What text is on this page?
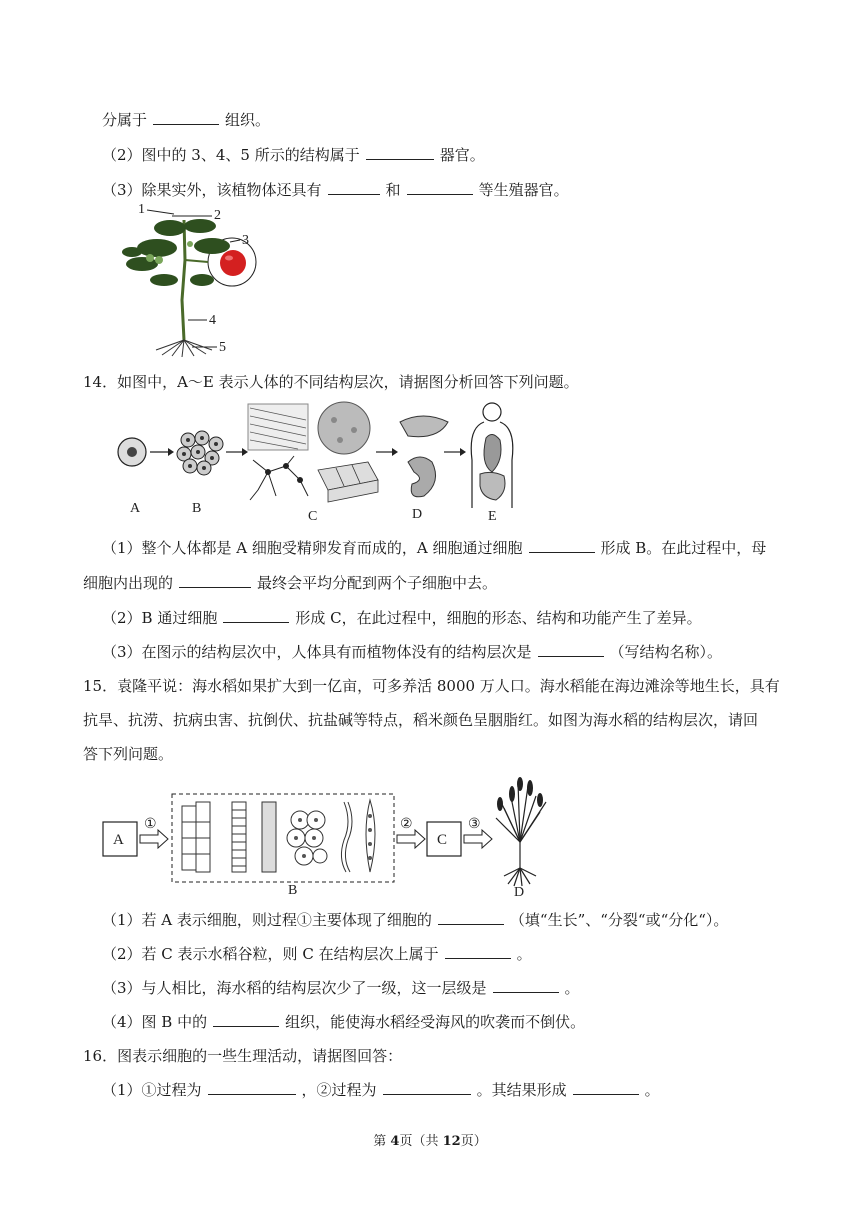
分属于	组织。
（2）图中的 3、4、5 所示的结构属于	器官。
（3）除果实外，该植物体还具有	和	等生殖器官。
1	2
3
4
5
14．如图中，A～E 表示人体的不同结构层次，请据图分析回答下列问题。
A	B
C	D	E
（1）整个人体都是 A 细胞受精卵发育而成的，A 细胞通过细胞	形成 B。在此过程中，母
细胞内出现的	最终会平均分配到两个子细胞中去。
（2）B 通过细胞	形成 C，在此过程中，细胞的形态、结构和功能产生了差异。
（3）在图示的结构层次中，人体具有而植物体没有的结构层次是	（写结构名称）。
15．袁隆平说：海水稻如果扩大到一亿亩，可多养活 8000 万人口。海水稻能在海边滩涂等地生长，具有
抗旱、抗涝、抗病虫害、抗倒伏、抗盐碱等特点，稻米颜色呈胭脂红。如图为海水稻的结构层次，请回
答下列问题。
A
①
B
②
C
③
D
（1）若 A 表示细胞，则过程①主要体现了细胞的	（填“生长”、“分裂“或“分化“）。
（2）若 C 表示水稻谷粒，则 C 在结构层次上属于	。
（3）与人相比，海水稻的结构层次少了一级，这一层级是	。
（4）图 B 中的	组织，能使海水稻经受海风的吹袭而不倒伏。
16．图表示细胞的一些生理活动，请据图回答：
（1）①过程为	，②过程为	。其结果形成	。
第 4页（共 12页）
